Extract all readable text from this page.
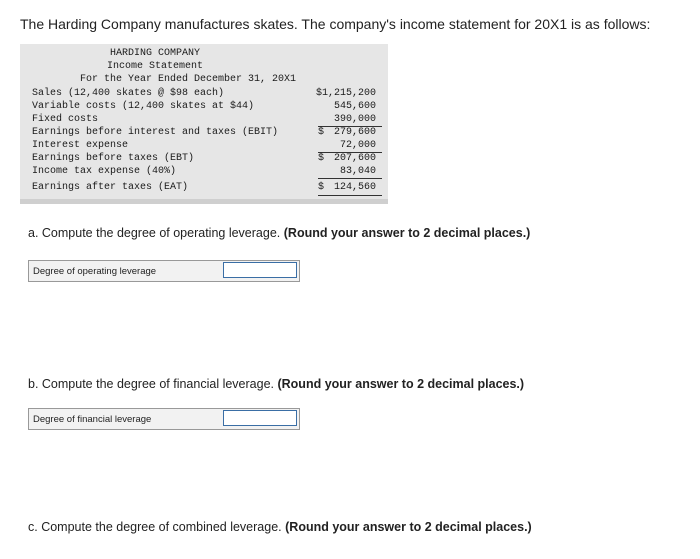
The Harding Company manufactures skates. The company's income statement for 20X1 is as follows:
HARDING COMPANY
Income Statement
For the Year Ended December 31, 20X1
Sales (12,400 skates @ $98 each)	$1,215,200
Variable costs (12,400 skates at $44)	545,600
Fixed costs	390,000
Earnings before interest and taxes (EBIT)	$ 279,600
Interest expense	72,000
Earnings before taxes (EBT)	$ 207,600
Income tax expense (40%)	83,040
Earnings after taxes (EAT)	$ 124,560
a. Compute the degree of operating leverage. (Round your answer to 2 decimal places.)
Degree of operating leverage
b. Compute the degree of financial leverage. (Round your answer to 2 decimal places.)
Degree of financial leverage
c. Compute the degree of combined leverage. (Round your answer to 2 decimal places.)
